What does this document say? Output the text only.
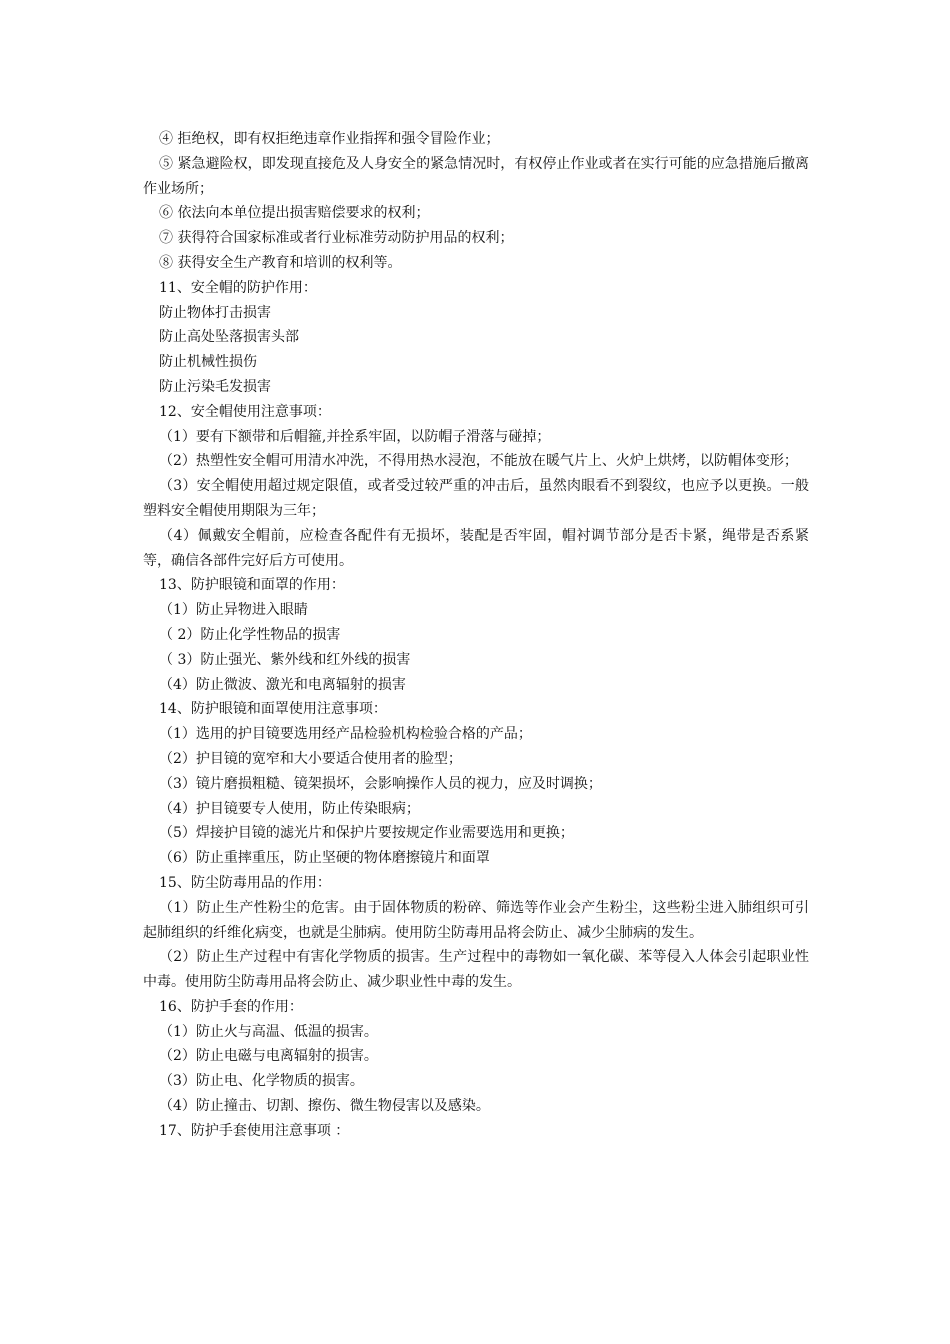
④ 拒绝权，即有权拒绝违章作业指挥和强令冒险作业；
⑤ 紧急避险权，即发现直接危及人身安全的紧急情况时，有权停止作业或者在实行可能的应急措施后撤离作业场所；
⑥ 依法向本单位提出损害赔偿要求的权利；
⑦ 获得符合国家标准或者行业标准劳动防护用品的权利；
⑧ 获得安全生产教育和培训的权利等。
11、安全帽的防护作用：
防止物体打击损害
防止高处坠落损害头部
防止机械性损伤
防止污染毛发损害
12、安全帽使用注意事项：
（1）要有下额带和后帽箍,并拴系牢固，以防帽子滑落与碰掉；
（2）热塑性安全帽可用清水冲洗，不得用热水浸泡，不能放在暖气片上、火炉上烘烤，以防帽体变形；
（3）安全帽使用超过规定限值，或者受过较严重的冲击后，虽然肉眼看不到裂纹，也应予以更换。一般塑料安全帽使用期限为三年；
（4）佩戴安全帽前，应检查各配件有无损坏，装配是否牢固，帽衬调节部分是否卡紧，绳带是否系紧等，确信各部件完好后方可使用。
13、防护眼镜和面罩的作用：
（1）防止异物进入眼睛
（ 2）防止化学性物品的损害
（ 3）防止强光、紫外线和红外线的损害
（4）防止微波、激光和电离辐射的损害
14、防护眼镜和面罩使用注意事项：
（1）选用的护目镜要选用经产品检验机构检验合格的产品；
（2）护目镜的宽窄和大小要适合使用者的脸型；
（3）镜片磨损粗糙、镜架损坏，会影响操作人员的视力，应及时调换；
（4）护目镜要专人使用，防止传染眼病；
（5）焊接护目镜的滤光片和保护片要按规定作业需要选用和更换；
（6）防止重摔重压，防止坚硬的物体磨擦镜片和面罩
15、防尘防毒用品的作用：
（1）防止生产性粉尘的危害。由于固体物质的粉碎、筛选等作业会产生粉尘，这些粉尘进入肺组织可引起肺组织的纤维化病变，也就是尘肺病。使用防尘防毒用品将会防止、减少尘肺病的发生。
（2）防止生产过程中有害化学物质的损害。生产过程中的毒物如一氧化碳、苯等侵入人体会引起职业性中毒。使用防尘防毒用品将会防止、减少职业性中毒的发生。
16、防护手套的作用：
（1）防止火与高温、低温的损害。
（2）防止电磁与电离辐射的损害。
（3）防止电、化学物质的损害。
（4）防止撞击、切割、擦伤、微生物侵害以及感染。
17、防护手套使用注意事项 ：
